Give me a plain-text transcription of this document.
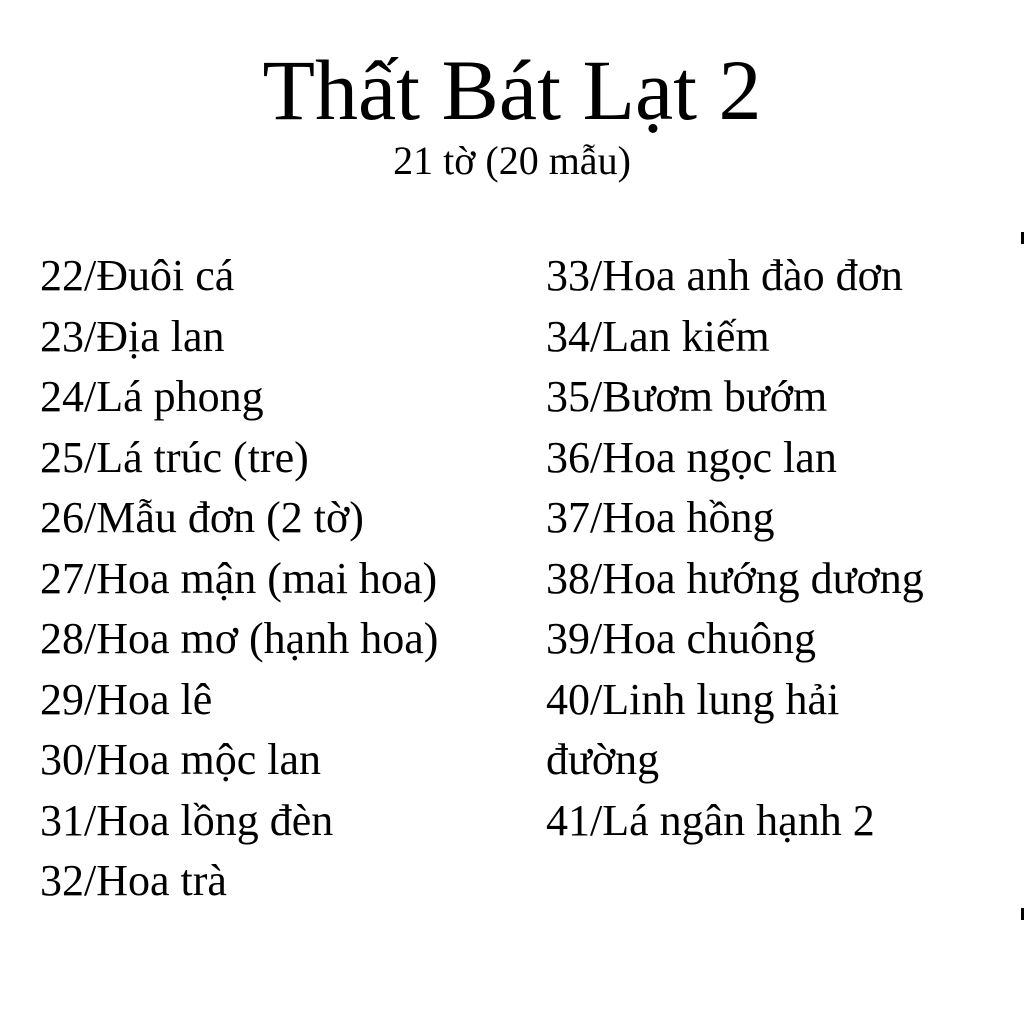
Thất Bát Lạt 2
21 tờ (20 mẫu)
22/Đuôi cá
23/Địa lan
24/Lá phong
25/Lá trúc (tre)
26/Mẫu đơn (2 tờ)
27/Hoa mận (mai hoa)
28/Hoa mơ (hạnh hoa)
29/Hoa lê
30/Hoa mộc lan
31/Hoa lồng đèn
32/Hoa trà
33/Hoa anh đào đơn
34/Lan kiếm
35/Bươm bướm
36/Hoa ngọc lan
37/Hoa hồng
38/Hoa hướng dương
39/Hoa chuông
40/Linh lung hải
đường
41/Lá ngân hạnh 2
